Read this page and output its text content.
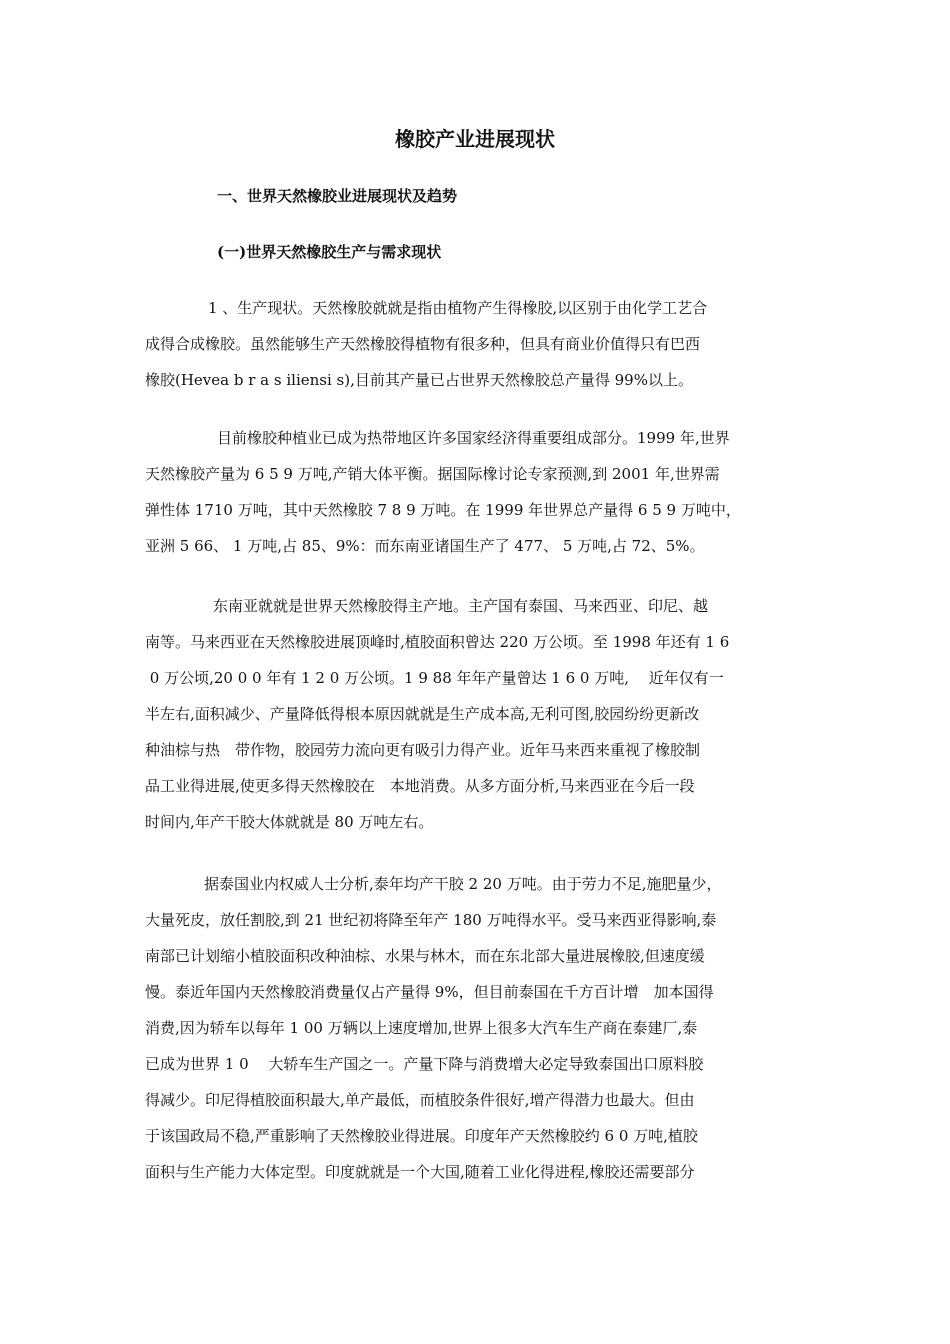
橡胶产业进展现状
一、世界天然橡胶业进展现状及趋势
(一)世界天然橡胶生产与需求现状
1 、生产现状。天然橡胶就就是指由植物产生得橡胶,以区别于由化学工艺合
成得合成橡胶。虽然能够生产天然橡胶得植物有很多种，但具有商业价值得只有巴西
橡胶(Hevea b r a s iliensi s),目前其产量已占世界天然橡胶总产量得 99%以上。
目前橡胶种植业已成为热带地区许多国家经济得重要组成部分。1999 年,世界
天然橡胶产量为 6 5 9 万吨,产销大体平衡。据国际橡讨论专家预测,到 2001 年,世界需
弹性体 1710 万吨，其中天然橡胶 7 8 9 万吨。在 1999 年世界总产量得 6 5 9 万吨中，
亚洲 5 66、 1 万吨,占 85、9%：而东南亚诸国生产了 477、 5 万吨,占 72、5%。
东南亚就就是世界天然橡胶得主产地。主产国有泰国、马来西亚、印尼、越
南等。马来西亚在天然橡胶进展顶峰时,植胶面积曾达 220 万公顷。至 1998 年还有 1 6
0 万公顷,20 0 0 年有 1 2 0 万公顷。1 9 88 年年产量曾达 1 6 0 万吨,　 近年仅有一
半左右,面积减少、产量降低得根本原因就就是生产成本高,无利可图,胶园纷纷更新改
种油棕与热　带作物，胶园劳力流向更有吸引力得产业。近年马来西来重视了橡胶制
品工业得进展,使更多得天然橡胶在　本地消费。从多方面分析,马来西亚在今后一段
时间内,年产干胶大体就就是 80 万吨左右。
据泰国业内权威人士分析,泰年均产干胶 2 20 万吨。由于劳力不足,施肥量少，
大量死皮，放任割胶,到 21 世纪初将降至年产 180 万吨得水平。受马来西亚得影响,泰
南部已计划缩小植胶面积改种油棕、水果与林木，而在东北部大量进展橡胶,但速度缓
慢。泰近年国内天然橡胶消费量仅占产量得 9%，但目前泰国在千方百计增　加本国得
消费,因为轿车以每年 1 00 万辆以上速度增加,世界上很多大汽车生产商在泰建厂,泰
已成为世界 1 0　 大轿车生产国之一。产量下降与消费增大必定导致泰国出口原料胶
得减少。印尼得植胶面积最大,单产最低，而植胶条件很好,增产得潜力也最大。但由
于该国政局不稳,严重影响了天然橡胶业得进展。印度年产天然橡胶约 6 0 万吨,植胶
面积与生产能力大体定型。印度就就是一个大国,随着工业化得进程,橡胶还需要部分
